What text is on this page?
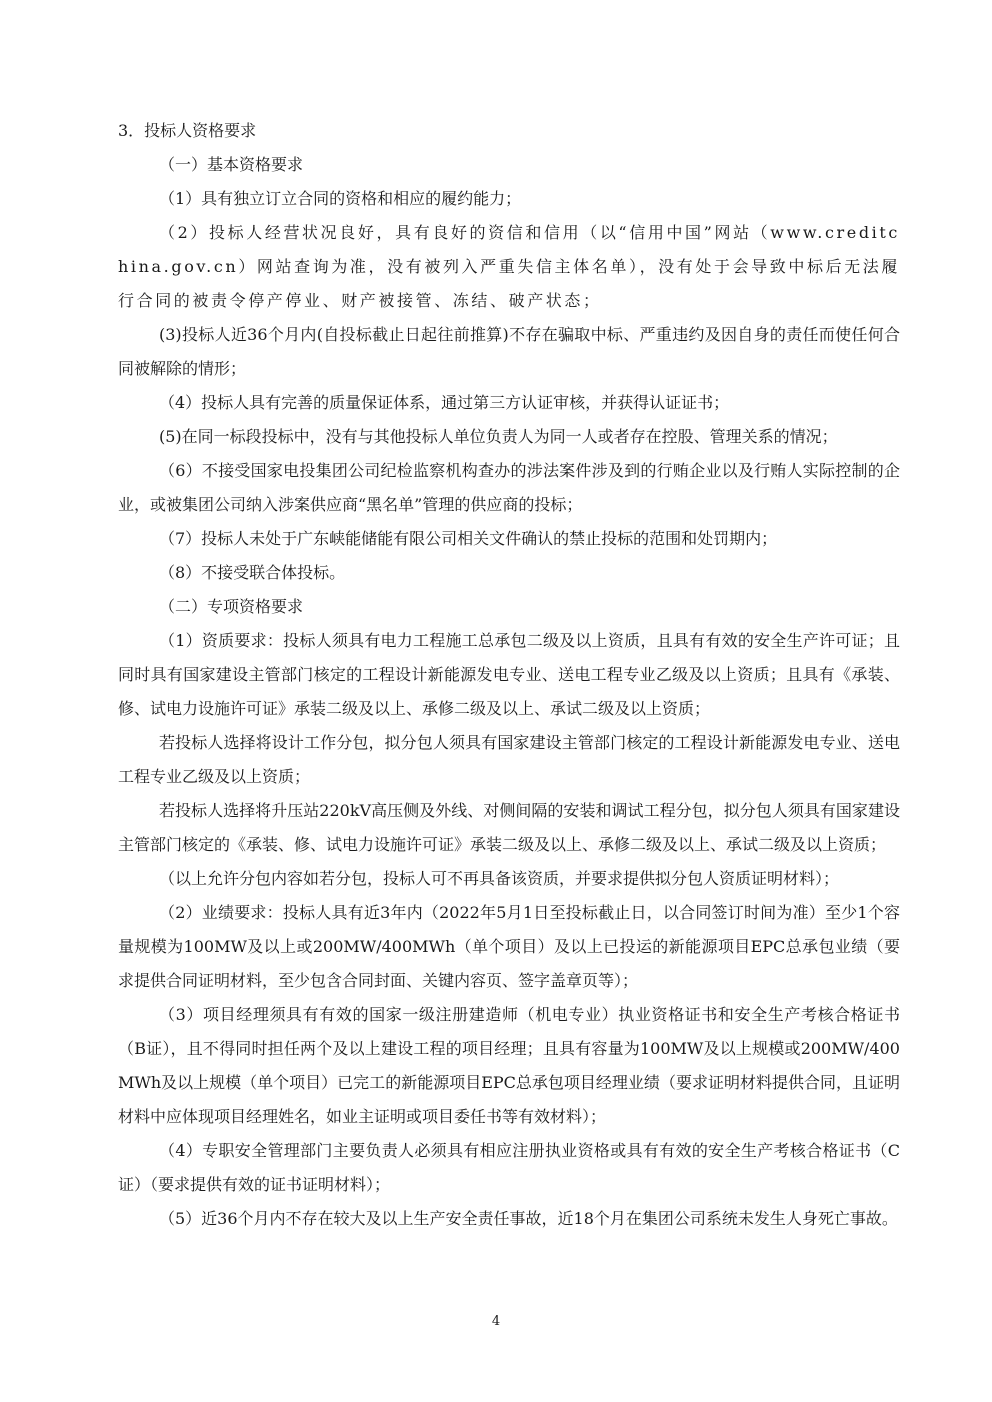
3．投标人资格要求

（一）基本资格要求

（1）具有独立订立合同的资格和相应的履约能力；

（2）投标人经营状况良好，具有良好的资信和信用（以“信用中国”网站（www.creditchina.gov.cn）网站查询为准，没有被列入严重失信主体名单），没有处于会导致中标后无法履行合同的被责令停产停业、财产被接管、冻结、破产状态；

(3)投标人近36个月内(自投标截止日起往前推算)不存在骗取中标、严重违约及因自身的责任而使任何合同被解除的情形；

（4）投标人具有完善的质量保证体系，通过第三方认证审核，并获得认证证书；

(5)在同一标段投标中，没有与其他投标人单位负责人为同一人或者存在控股、管理关系的情况；

（6）不接受国家电投集团公司纪检监察机构查办的涉法案件涉及到的行贿企业以及行贿人实际控制的企业，或被集团公司纳入涉案供应商“黑名单”管理的供应商的投标；

（7）投标人未处于广东峡能储能有限公司相关文件确认的禁止投标的范围和处罚期内；

（8）不接受联合体投标。

（二）专项资格要求

（1）资质要求：投标人须具有电力工程施工总承包二级及以上资质，且具有有效的安全生产许可证；且同时具有国家建设主管部门核定的工程设计新能源发电专业、送电工程专业乙级及以上资质；且具有《承装、修、试电力设施许可证》承装二级及以上、承修二级及以上、承试二级及以上资质；

若投标人选择将设计工作分包，拟分包人须具有国家建设主管部门核定的工程设计新能源发电专业、送电工程专业乙级及以上资质；

若投标人选择将升压站220kV高压侧及外线、对侧间隔的安装和调试工程分包，拟分包人须具有国家建设主管部门核定的《承装、修、试电力设施许可证》承装二级及以上、承修二级及以上、承试二级及以上资质；

（以上允许分包内容如若分包，投标人可不再具备该资质，并要求提供拟分包人资质证明材料）；

（2）业绩要求：投标人具有近3年内（2022年5月1日至投标截止日，以合同签订时间为准）至少1个容量规模为100MW及以上或200MW/400MWh（单个项目）及以上已投运的新能源项目EPC总承包业绩（要求提供合同证明材料，至少包含合同封面、关键内容页、签字盖章页等）；

（3）项目经理须具有有效的国家一级注册建造师（机电专业）执业资格证书和安全生产考核合格证书（B证），且不得同时担任两个及以上建设工程的项目经理；且具有容量为100MW及以上规模或200MW/400MWh及以上规模（单个项目）已完工的新能源项目EPC总承包项目经理业绩（要求证明材料提供合同，且证明材料中应体现项目经理姓名，如业主证明或项目委任书等有效材料）；

（4）专职安全管理部门主要负责人必须具有相应注册执业资格或具有有效的安全生产考核合格证书（C证）（要求提供有效的证书证明材料）；

（5）近36个月内不存在较大及以上生产安全责任事故，近18个月在集团公司系统未发生人身死亡事故。

4
